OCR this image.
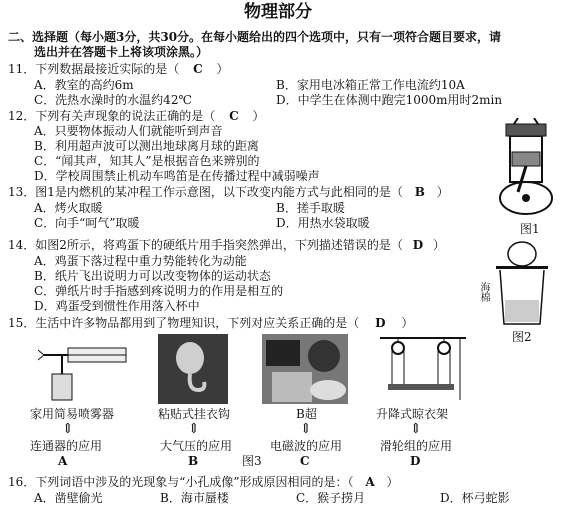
物理部分
二、选择题（每小题3分，共30分。在每小题给出的四个选项中，只有一项符合题目要求，请
选出并在答题卡上将该项涂黑。）
11．下列数据最接近实际的是（ C ）
A．教室的高约6m	B．家用电冰箱正常工作电流约10A
C．洗热水澡时的水温约42℃	D．中学生在体测中跑完1000m用时2min
12．下列有关声现象的说法正确的是（ C ）
A．只要物体振动人们就能听到声音
B．利用超声波可以测出地球离月球的距离
C．“闻其声，知其人”是根据音色来辨别的
D．学校周围禁止机动车鸣笛是在传播过程中减弱噪声
13．图1是内燃机的某冲程工作示意图，以下改变内能方式与此相同的是（ B ）
A．烤火取暖	B．搓手取暖
C．向手“呵气”取暖	D．用热水袋取暖	图1
14．如图2所示，将鸡蛋下的硬纸片用手指突然弹出，下列描述错误的是（ D ）
A．鸡蛋下落过程中重力势能转化为动能
B．纸片飞出说明力可以改变物体的运动状态
C．弹纸片时手指感到疼说明力的作用是相互的
D．鸡蛋受到惯性作用落入杯中
海棉
图2
15．生活中许多物品都用到了物理知识，下列对应关系正确的是（ D ）
家用简易喷雾器	粘贴式挂衣钩	B超	升降式晾衣架
⇕	⇕	⇕	⇕
连通器的应用	大气压的应用	电磁波的应用	滑轮组的应用
A	B	图3	C	D
16．下列词语中涉及的光现象与“小孔成像”形成原因相同的是：（ A ）
A．凿壁偷光	B．海市蜃楼	C．猴子捞月	D．杯弓蛇影
